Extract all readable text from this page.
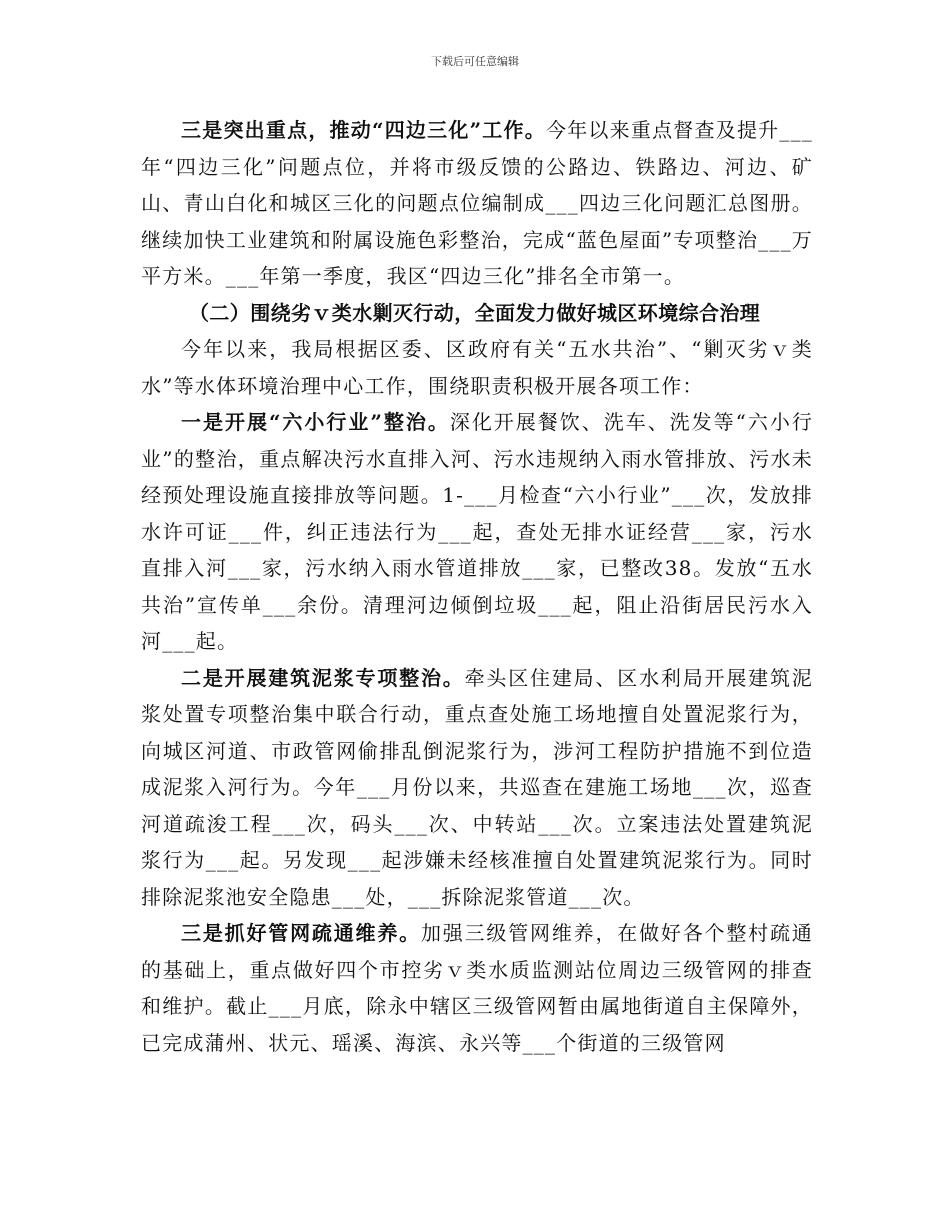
下载后可任意编辑

三是突出重点，推动“四边三化”工作。今年以来重点督查及提升___年“四边三化”问题点位，并将市级反馈的公路边、铁路边、河边、矿山、青山白化和城区三化的问题点位编制成___四边三化问题汇总图册。继续加快工业建筑和附属设施色彩整治，完成“蓝色屋面”专项整治___万平方米。___年第一季度，我区“四边三化”排名全市第一。

（二）围绕劣ｖ类水剿灭行动，全面发力做好城区环境综合治理

今年以来，我局根据区委、区政府有关“五水共治”、“剿灭劣ｖ类水”等水体环境治理中心工作，围绕职责积极开展各项工作：

一是开展“六小行业”整治。深化开展餐饮、洗车、洗发等“六小行业”的整治，重点解决污水直排入河、污水违规纳入雨水管排放、污水未经预处理设施直接排放等问题。1-___月检查“六小行业”___次，发放排水许可证___件，纠正违法行为___起，查处无排水证经营___家，污水直排入河___家，污水纳入雨水管道排放___家，已整改38。发放“五水共治”宣传单___余份。清理河边倾倒垃圾___起，阻止沿街居民污水入河___起。

二是开展建筑泥浆专项整治。牵头区住建局、区水利局开展建筑泥浆处置专项整治集中联合行动，重点查处施工场地擅自处置泥浆行为，向城区河道、市政管网偷排乱倒泥浆行为，涉河工程防护措施不到位造成泥浆入河行为。今年___月份以来，共巡查在建施工场地___次，巡查河道疏浚工程___次，码头___次、中转站___次。立案违法处置建筑泥浆行为___起。另发现___起涉嫌未经核准擅自处置建筑泥浆行为。同时排除泥浆池安全隐患___处，___拆除泥浆管道___次。

三是抓好管网疏通维养。加强三级管网维养，在做好各个整村疏通的基础上，重点做好四个市控劣ｖ类水质监测站位周边三级管网的排查和维护。截止___月底，除永中辖区三级管网暂由属地街道自主保障外，已完成蒲州、状元、瑶溪、海滨、永兴等___个街道的三级管网
